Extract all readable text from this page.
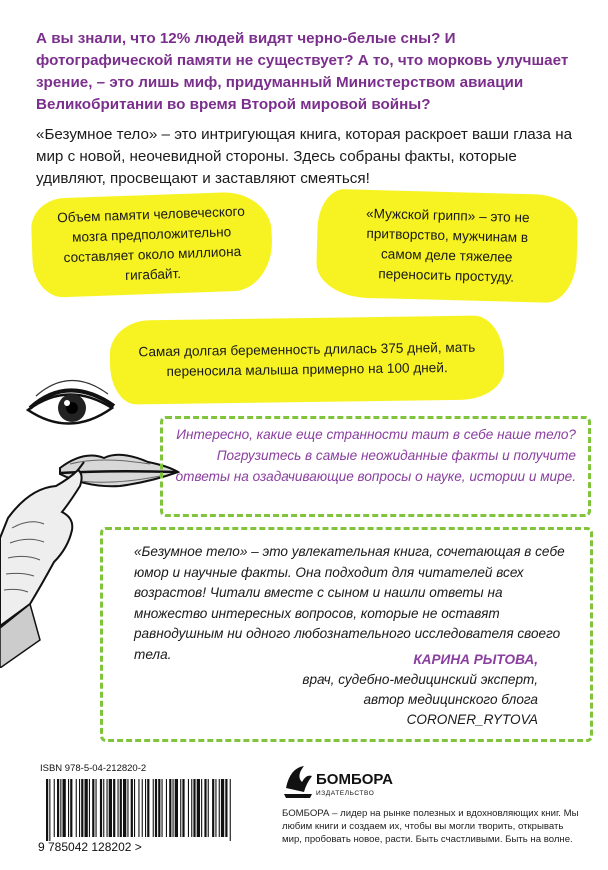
А вы знали, что 12% людей видят черно-белые сны? И фотографической памяти не существует? А то, что морковь улучшает зрение, – это лишь миф, придуманный Министерством авиации Великобритании во время Второй мировой войны?

«Безумное тело» – это интригующая книга, которая раскроет ваши глаза на мир с новой, неочевидной стороны. Здесь собраны факты, которые удивляют, просвещают и заставляют смеяться!

Объем памяти человеческого мозга предположительно составляет около миллиона гигабайт.
«Мужской грипп» – это не притворство, мужчинам в самом деле тяжелее переносить простуду.
Самая долгая беременность длилась 375 дней, мать переносила малыша примерно на 100 дней.

Интересно, какие еще странности таит в себе наше тело? Погрузитесь в самые неожиданные факты и получите ответы на озадачивающие вопросы о науке, истории и мире.

«Безумное тело» – это увлекательная книга, сочетающая в себе юмор и научные факты. Она подходит для читателей всех возрастов! Читали вместе с сыном и нашли ответы на множество интересных вопросов, которые не оставят равнодушным ни одного любознательного исследователя своего тела.	КАРИНА РЫТОВА,
врач, судебно-медицинский эксперт,
автор медицинского блога CORONER_RYTOVA

ISBN 978-5-04-212820-2
9 785042 128202 >
БОМБОРА
ИЗДАТЕЛЬСТВО

БОМБОРА – лидер на рынке полезных и вдохновляющих книг. Мы любим книги и создаем их, чтобы вы могли творить, открывать мир, пробовать новое, расти. Быть счастливыми. Быть на волне.
